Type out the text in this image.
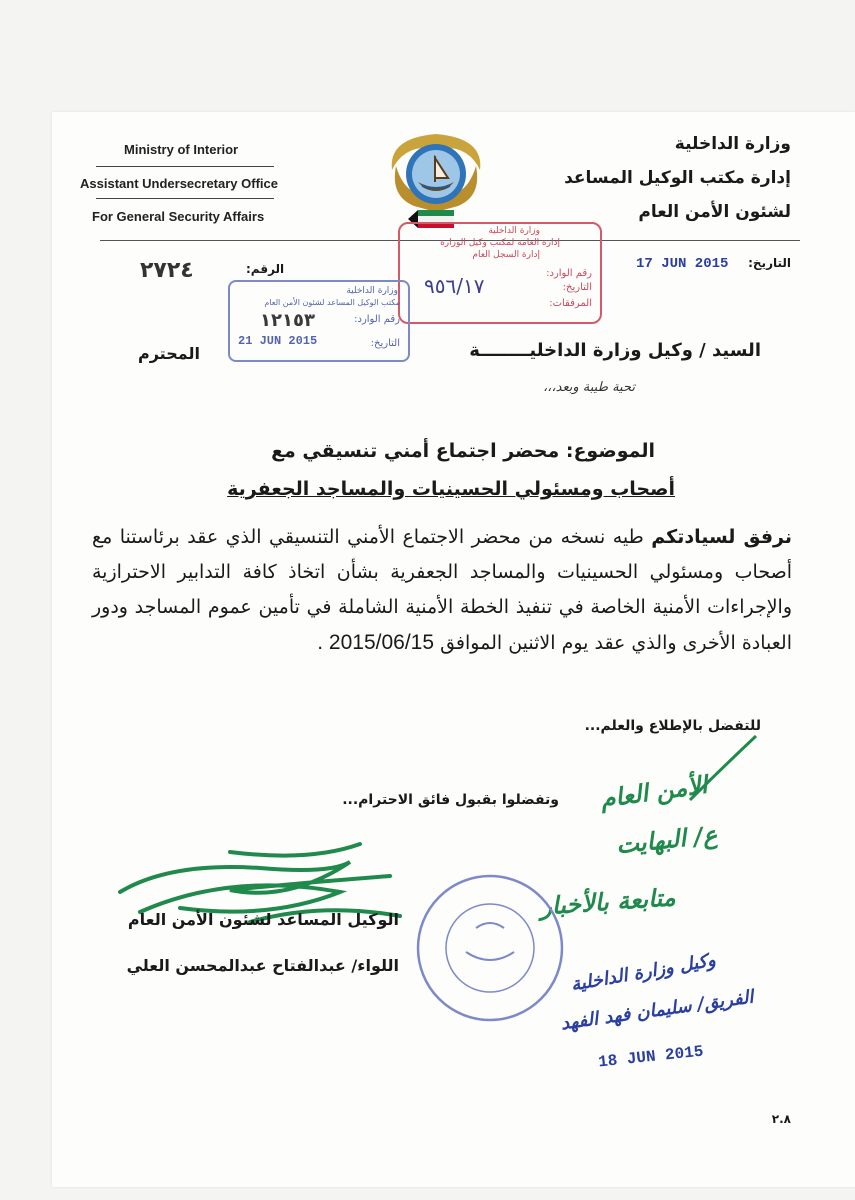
Ministry of Interior
Assistant Undersecretary Office
For General Security Affairs
وزارة الداخلية
إدارة مكتب الوكيل المساعد
لشئون الأمن العام
التاريخ:
17 JUN 2015
الرقم:
٢٧٢٤
وزارة الداخلية
إدارة العامة لمكتب وكيل الوزارة
إدارة السجل العام
رقم الوارد:
التاريخ:
المرفقات:
٩٥٦/١٧
وزارة الداخلية
مكتب الوكيل المساعد لشئون الأمن العام
رقم الوارد:
التاريخ:
١٢١٥٣
21 JUN 2015	السيد / وكيل وزارة الداخليــــــــة
المحترم
تحية طيبة وبعد،،،
الموضوع: محضر اجتماع أمني تنسيقي مع
أصحاب ومسئولي الحسينيات والمساجد الجعفرية
نرفق لسيادتكم طيه نسخه من محضر الاجتماع الأمني التنسيقي الذي عقد برئاستنا مع أصحاب ومسئولي الحسينيات والمساجد الجعفرية بشأن اتخاذ كافة التدابير الاحترازية والإجراءات الأمنية الخاصة في تنفيذ الخطة الأمنية الشاملة في تأمين عموم المساجد ودور العبادة الأخرى والذي عقد يوم الاثنين الموافق 2015/06/15 .
للتفضل بالإطلاع والعلم...
وتفضلوا بقبول فائق الاحترام... الأمن العام
ع/ البهايت
متابعة بالأخبار
الوكيل المساعد لشئون الأمن العام
اللواء/ عبدالفتاح عبدالمحسن العلي	وكيل وزارة الداخلية
الفريق/ سليمان فهد الفهد
18 JUN 2015
٢.٨
